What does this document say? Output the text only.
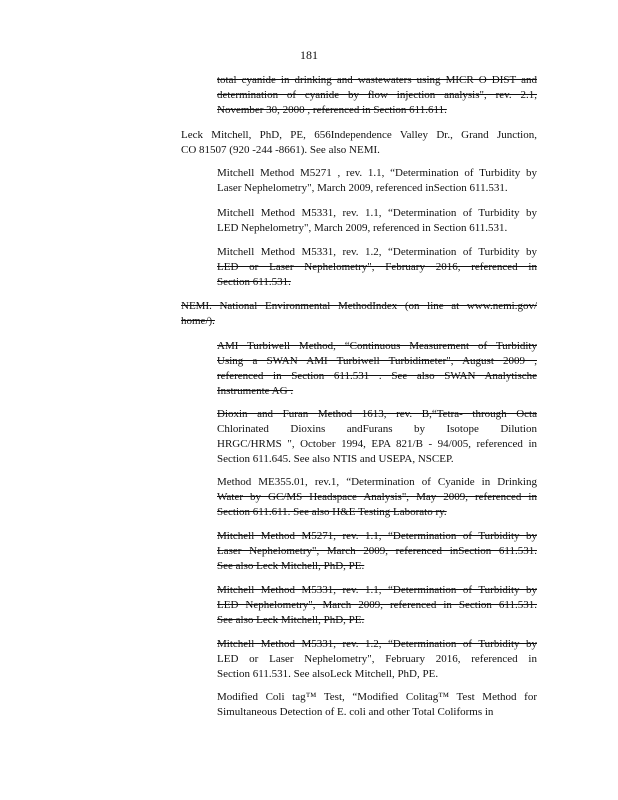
181
total cyanide in drinking and wastewaters using MICR O DIST and
determination of cyanide by flow injection analysis", rev. 2.1,
November 30, 2000 , referenced in Section 611.611.
Leck Mitchell, PhD, PE, 656Independence Valley Dr., Grand Junction,
CO 81507 (920 -244 -8661). See also NEMI.
Mitchell Method M5271 , rev. 1.1, “Determination of Turbidity by
Laser Nephelometry", March 2009, referenced inSection 611.531.
Mitchell Method M5331, rev. 1.1, “Determination of Turbidity by
LED Nephelometry", March 2009, referenced in Section 611.531.
Mitchell Method M5331, rev. 1.2, “Determination of Turbidity by
LED or Laser Nephelometry", February 2016, referenced in
Section 611.531.
NEMI. National Environmental MethodIndex (on line at www.nemi.gov/
home/).
AMI Turbiwell Method, “Continuous Measurement of Turbidity
Using a SWAN AMI Turbiwell Turbidimeter", August 2009 ,
referenced in Section 611.531 . See also SWAN Analytische
Instrumente AG .
Dioxin and Furan Method 1613, rev. B,“Tetra- through Octa
Chlorinated Dioxins andFurans by Isotope Dilution
HRGC/HRMS ", October 1994, EPA 821/B - 94/005, referenced in
Section 611.645. See also NTIS and USEPA, NSCEP.
Method ME355.01, rev.1, “Determination of Cyanide in Drinking
Water by GC/MS Headspace Analysis", May 2009, referenced in
Section 611.611. See also H&E Testing Laborato ry.
Mitchell Method M5271, rev. 1.1, “Determination of Turbidity by
Laser Nephelometry", March 2009, referenced inSection 611.531.
See also Leck Mitchell, PhD, PE.
Mitchell Method M5331, rev. 1.1, “Determination of Turbidity by
LED Nephelometry", March 2009, referenced in Section 611.531.
See also Leck Mitchell, PhD, PE.
Mitchell Method M5331, rev. 1.2, “Determination of Turbidity by
LED or Laser Nephelometry", February 2016, referenced in
Section 611.531. See alsoLeck Mitchell, PhD, PE.
Modified Coli tag™ Test, “Modified Colitag™ Test Method for
Simultaneous Detection of E. coli and other Total Coliforms in
